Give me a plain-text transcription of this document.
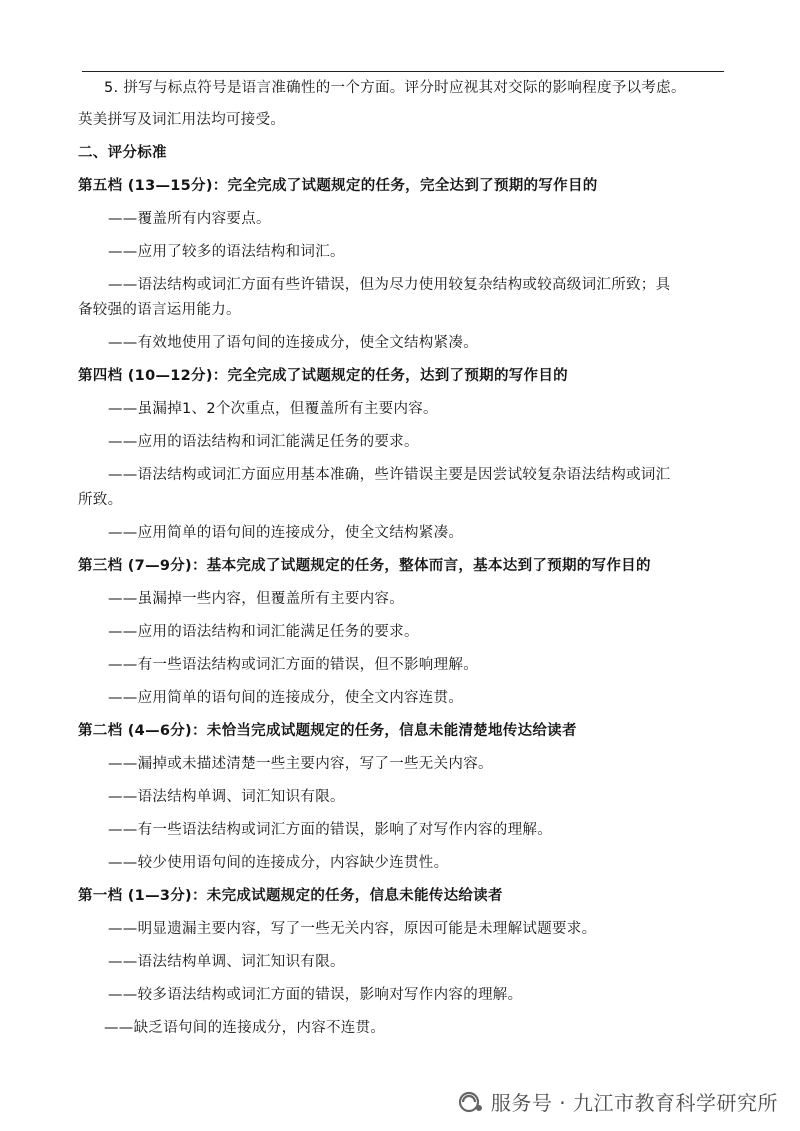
5. 拼写与标点符号是语言准确性的一个方面。评分时应视其对交际的影响程度予以考虑。
英美拼写及词汇用法均可接受。
二、评分标准
第五档 (13—15分)：完全完成了试题规定的任务，完全达到了预期的写作目的
——覆盖所有内容要点。
——应用了较多的语法结构和词汇。
——语法结构或词汇方面有些许错误，但为尽力使用较复杂结构或较高级词汇所致；具
备较强的语言运用能力。
——有效地使用了语句间的连接成分，使全文结构紧凑。
第四档 (10—12分)：完全完成了试题规定的任务，达到了预期的写作目的
——虽漏掉1、2个次重点，但覆盖所有主要内容。
——应用的语法结构和词汇能满足任务的要求。
——语法结构或词汇方面应用基本准确，些许错误主要是因尝试较复杂语法结构或词汇
所致。
——应用简单的语句间的连接成分，使全文结构紧凑。
第三档 (7—9分)：基本完成了试题规定的任务，整体而言，基本达到了预期的写作目的
——虽漏掉一些内容，但覆盖所有主要内容。
——应用的语法结构和词汇能满足任务的要求。
——有一些语法结构或词汇方面的错误，但不影响理解。
——应用简单的语句间的连接成分，使全文内容连贯。
第二档 (4—6分)：未恰当完成试题规定的任务，信息未能清楚地传达给读者
——漏掉或未描述清楚一些主要内容，写了一些无关内容。
——语法结构单调、词汇知识有限。
——有一些语法结构或词汇方面的错误，影响了对写作内容的理解。
——较少使用语句间的连接成分，内容缺少连贯性。
第一档 (1—3分)：未完成试题规定的任务，信息未能传达给读者
——明显遗漏主要内容，写了一些无关内容，原因可能是未理解试题要求。
——语法结构单调、词汇知识有限。
——较多语法结构或词汇方面的错误，影响对写作内容的理解。
——缺乏语句间的连接成分，内容不连贯。
服务号 · 九江市教育科学研究所
